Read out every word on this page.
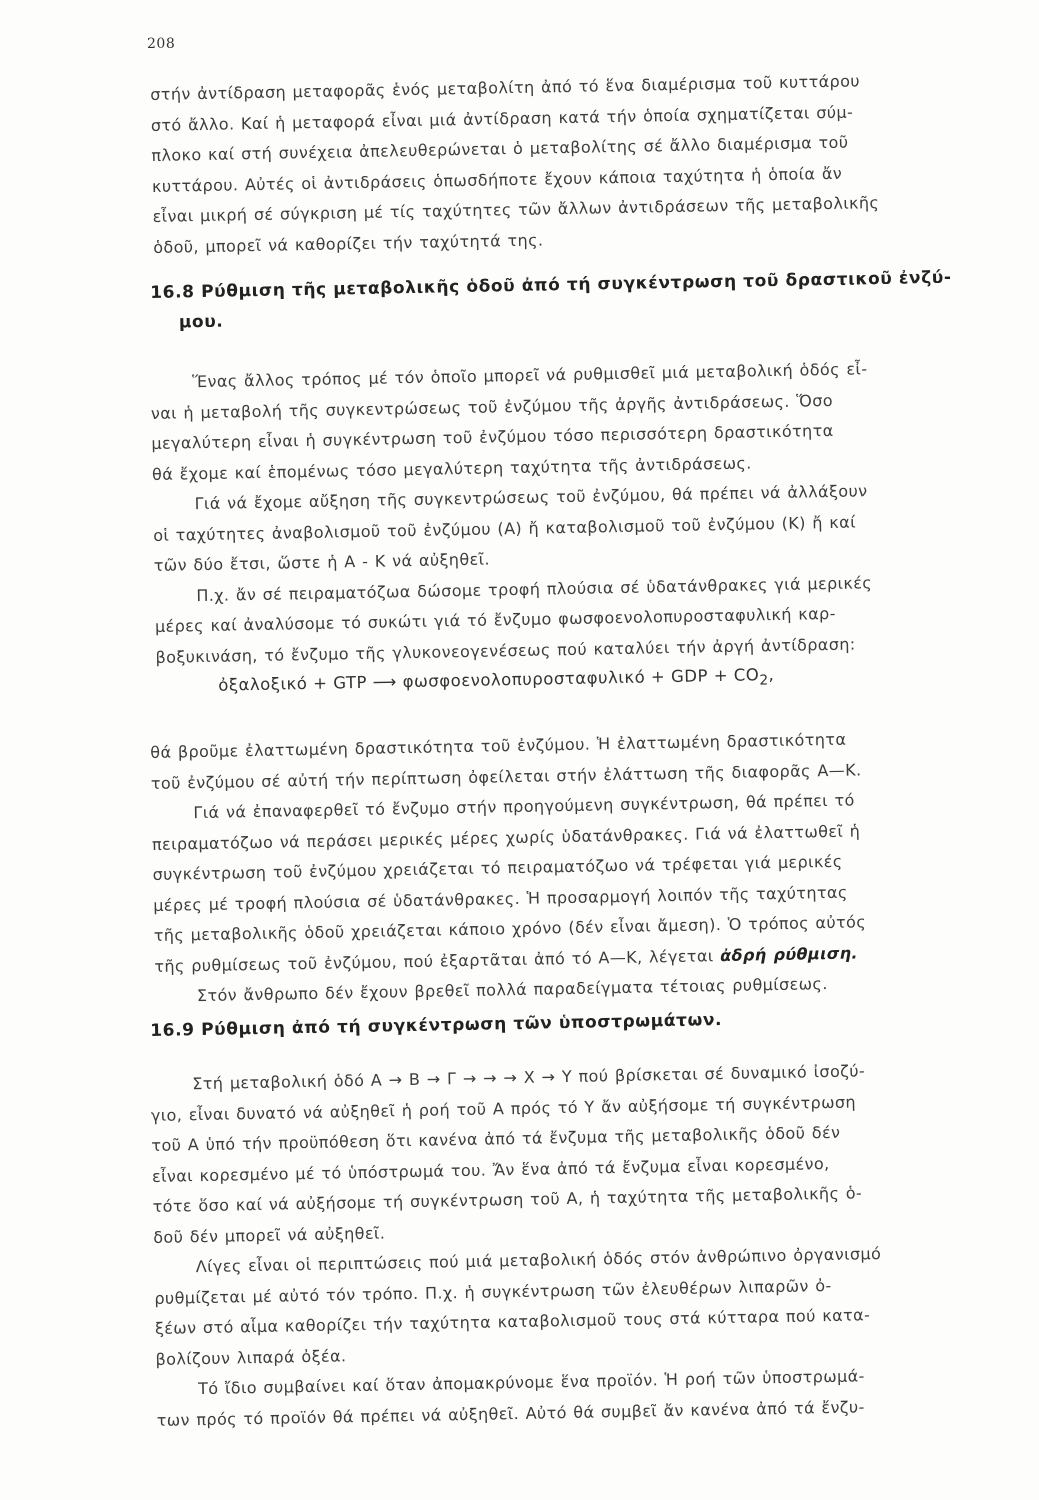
208
στήν ἀντίδραση μεταφορᾶς ἑνός μεταβολίτη ἀπό τό ἕνα διαμέρισμα τοῦ κυττάρου
στό ἄλλο. Καί ἡ μεταφορά εἶναι μιά ἀντίδραση κατά τήν ὁποία σχηματίζεται σύμ-
πλοκο καί στή συνέχεια ἀπελευθερώνεται ὁ μεταβολίτης σέ ἄλλο διαμέρισμα τοῦ
κυττάρου. Αὐτές οἱ ἀντιδράσεις ὁπωσδήποτε ἔχουν κάποια ταχύτητα ἡ ὁποία ἄν
εἶναι μικρή σέ σύγκριση μέ τίς ταχύτητες τῶν ἄλλων ἀντιδράσεων τῆς μεταβολικῆς
ὁδοῦ, μπορεῖ νά καθορίζει τήν ταχύτητά της.
16.8 Ρύθμιση τῆς μεταβολικῆς ὁδοῦ ἀπό τή συγκέντρωση τοῦ δραστικοῦ ἐνζύ-
μου.
Ἕνας ἄλλος τρόπος μέ τόν ὁποῖο μπορεῖ νά ρυθμισθεῖ μιά μεταβολική ὁδός εἶ-
ναι ἡ μεταβολή τῆς συγκεντρώσεως τοῦ ἐνζύμου τῆς ἀργῆς ἀντιδράσεως. Ὅσο
μεγαλύτερη εἶναι ἡ συγκέντρωση τοῦ ἐνζύμου τόσο περισσότερη δραστικότητα
θά ἔχομε καί ἑπομένως τόσο μεγαλύτερη ταχύτητα τῆς ἀντιδράσεως.
Γιά νά ἔχομε αὔξηση τῆς συγκεντρώσεως τοῦ ἐνζύμου, θά πρέπει νά ἀλλάξουν
οἱ ταχύτητες ἀναβολισμοῦ τοῦ ἐνζύμου (Α) ἤ καταβολισμοῦ τοῦ ἐνζύμου (Κ) ἤ καί
τῶν δύο ἔτσι, ὥστε ἡ Α - Κ νά αὐξηθεῖ.
Π.χ. ἄν σέ πειραματόζωα δώσομε τροφή πλούσια σέ ὑδατάνθρακες γιά μερικές
μέρες καί ἀναλύσομε τό συκώτι γιά τό ἔνζυμο φωσφοενολοπυροσταφυλική καρ-
βοξυκινάση, τό ἔνζυμο τῆς γλυκονεογενέσεως πού καταλύει τήν ἀργή ἀντίδραση:
ὀξαλοξικό + GTP ⟶ φωσφοενολοπυροσταφυλικό + GDP + $CO_2$,
θά βροῦμε ἐλαττωμένη δραστικότητα τοῦ ἐνζύμου. Ἡ ἐλαττωμένη δραστικότητα
τοῦ ἐνζύμου σέ αὐτή τήν περίπτωση ὀφείλεται στήν ἐλάττωση τῆς διαφορᾶς Α—Κ.
Γιά νά ἐπαναφερθεῖ τό ἔνζυμο στήν προηγούμενη συγκέντρωση, θά πρέπει τό
πειραματόζωο νά περάσει μερικές μέρες χωρίς ὑδατάνθρακες. Γιά νά ἐλαττωθεῖ ἡ
συγκέντρωση τοῦ ἐνζύμου χρειάζεται τό πειραματόζωο νά τρέφεται γιά μερικές
μέρες μέ τροφή πλούσια σέ ὑδατάνθρακες. Ἡ προσαρμογή λοιπόν τῆς ταχύτητας
τῆς μεταβολικῆς ὁδοῦ χρειάζεται κάποιο χρόνο (δέν εἶναι ἄμεση). Ὁ τρόπος αὐτός
τῆς ρυθμίσεως τοῦ ἐνζύμου, πού ἐξαρτᾶται ἀπό τό Α—Κ, λέγεται ἀδρή ρύθμιση.
Στόν ἄνθρωπο δέν ἔχουν βρεθεῖ πολλά παραδείγματα τέτοιας ρυθμίσεως.
16.9 Ρύθμιση ἀπό τή συγκέντρωση τῶν ὑποστρωμάτων.
Στή μεταβολική ὁδό Α → Β → Γ → → → Χ → Υ πού βρίσκεται σέ δυναμικό ἰσοζύ-
γιο, εἶναι δυνατό νά αὐξηθεῖ ἡ ροή τοῦ Α πρός τό Υ ἄν αὐξήσομε τή συγκέντρωση
τοῦ Α ὑπό τήν προϋπόθεση ὅτι κανένα ἀπό τά ἔνζυμα τῆς μεταβολικῆς ὁδοῦ δέν
εἶναι κορεσμένο μέ τό ὑπόστρωμά του. Ἄν ἕνα ἀπό τά ἔνζυμα εἶναι κορεσμένο,
τότε ὅσο καί νά αὐξήσομε τή συγκέντρωση τοῦ Α, ἡ ταχύτητα τῆς μεταβολικῆς ὁ-
δοῦ δέν μπορεῖ νά αὐξηθεῖ.
Λίγες εἶναι οἱ περιπτώσεις πού μιά μεταβολική ὁδός στόν ἀνθρώπινο ὀργανισμό
ρυθμίζεται μέ αὐτό τόν τρόπο. Π.χ. ἡ συγκέντρωση τῶν ἐλευθέρων λιπαρῶν ὀ-
ξέων στό αἷμα καθορίζει τήν ταχύτητα καταβολισμοῦ τους στά κύτταρα πού κατα-
βολίζουν λιπαρά ὀξέα.
Τό ἴδιο συμβαίνει καί ὅταν ἀπομακρύνομε ἕνα προϊόν. Ἡ ροή τῶν ὑποστρωμά-
των πρός τό προϊόν θά πρέπει νά αὐξηθεῖ. Αὐτό θά συμβεῖ ἄν κανένα ἀπό τά ἔνζυ-
